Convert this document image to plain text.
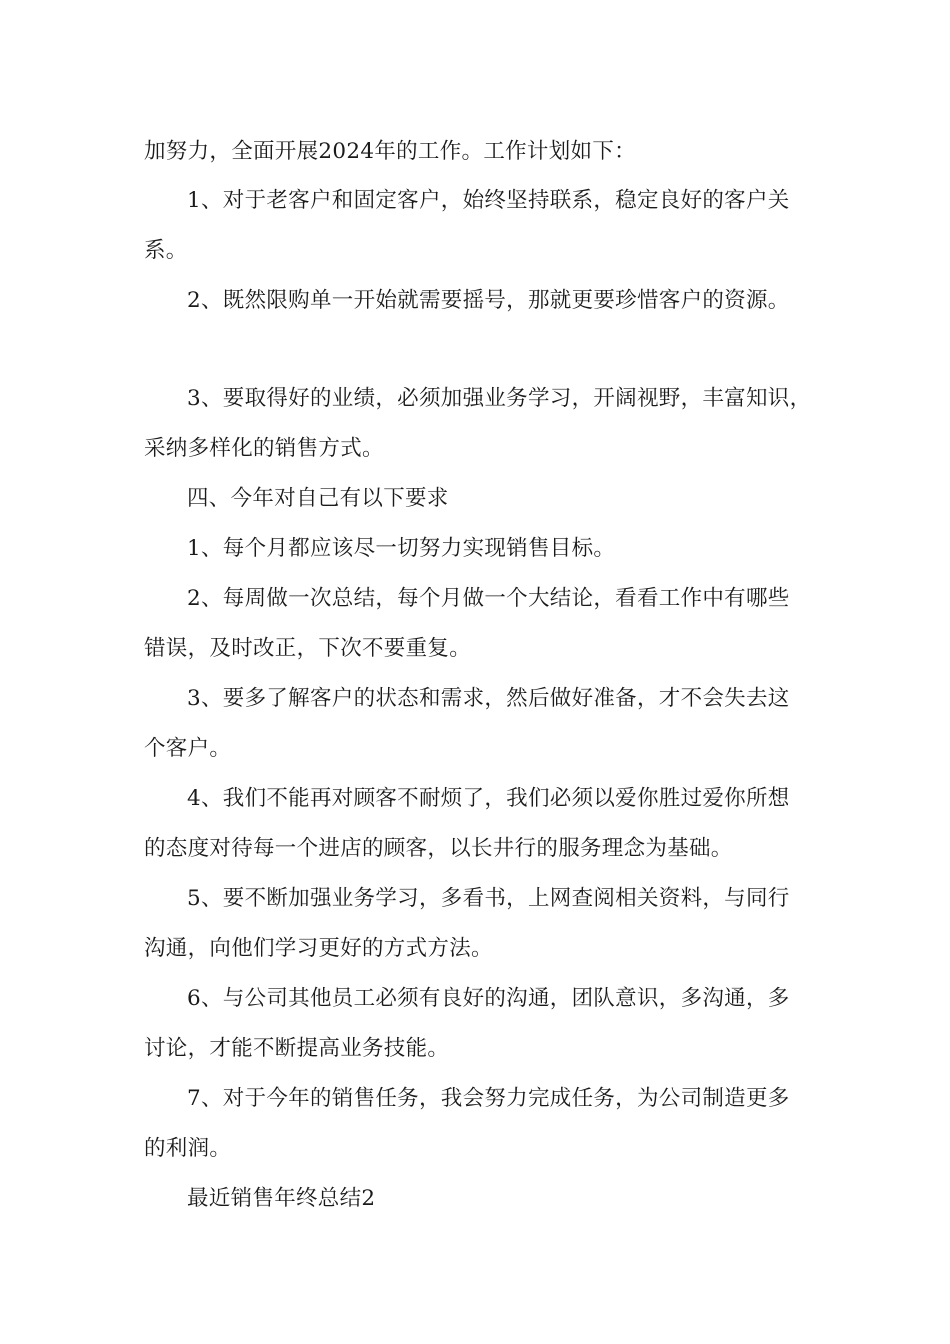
加努力，全面开展2024年的工作。工作计划如下：
1、对于老客户和固定客户，始终坚持联系，稳定良好的客户关
系。
2、既然限购单一开始就需要摇号，那就更要珍惜客户的资源。
3、要取得好的业绩，必须加强业务学习，开阔视野，丰富知识，
采纳多样化的销售方式。
四、今年对自己有以下要求
1、每个月都应该尽一切努力实现销售目标。
2、每周做一次总结，每个月做一个大结论，看看工作中有哪些
错误，及时改正，下次不要重复。
3、要多了解客户的状态和需求，然后做好准备，才不会失去这
个客户。
4、我们不能再对顾客不耐烦了，我们必须以爱你胜过爱你所想
的态度对待每一个进店的顾客，以长井行的服务理念为基础。
5、要不断加强业务学习，多看书，上网查阅相关资料，与同行
沟通，向他们学习更好的方式方法。
6、与公司其他员工必须有良好的沟通，团队意识，多沟通，多
讨论，才能不断提高业务技能。
7、对于今年的销售任务，我会努力完成任务，为公司制造更多
的利润。
最近销售年终总结2
